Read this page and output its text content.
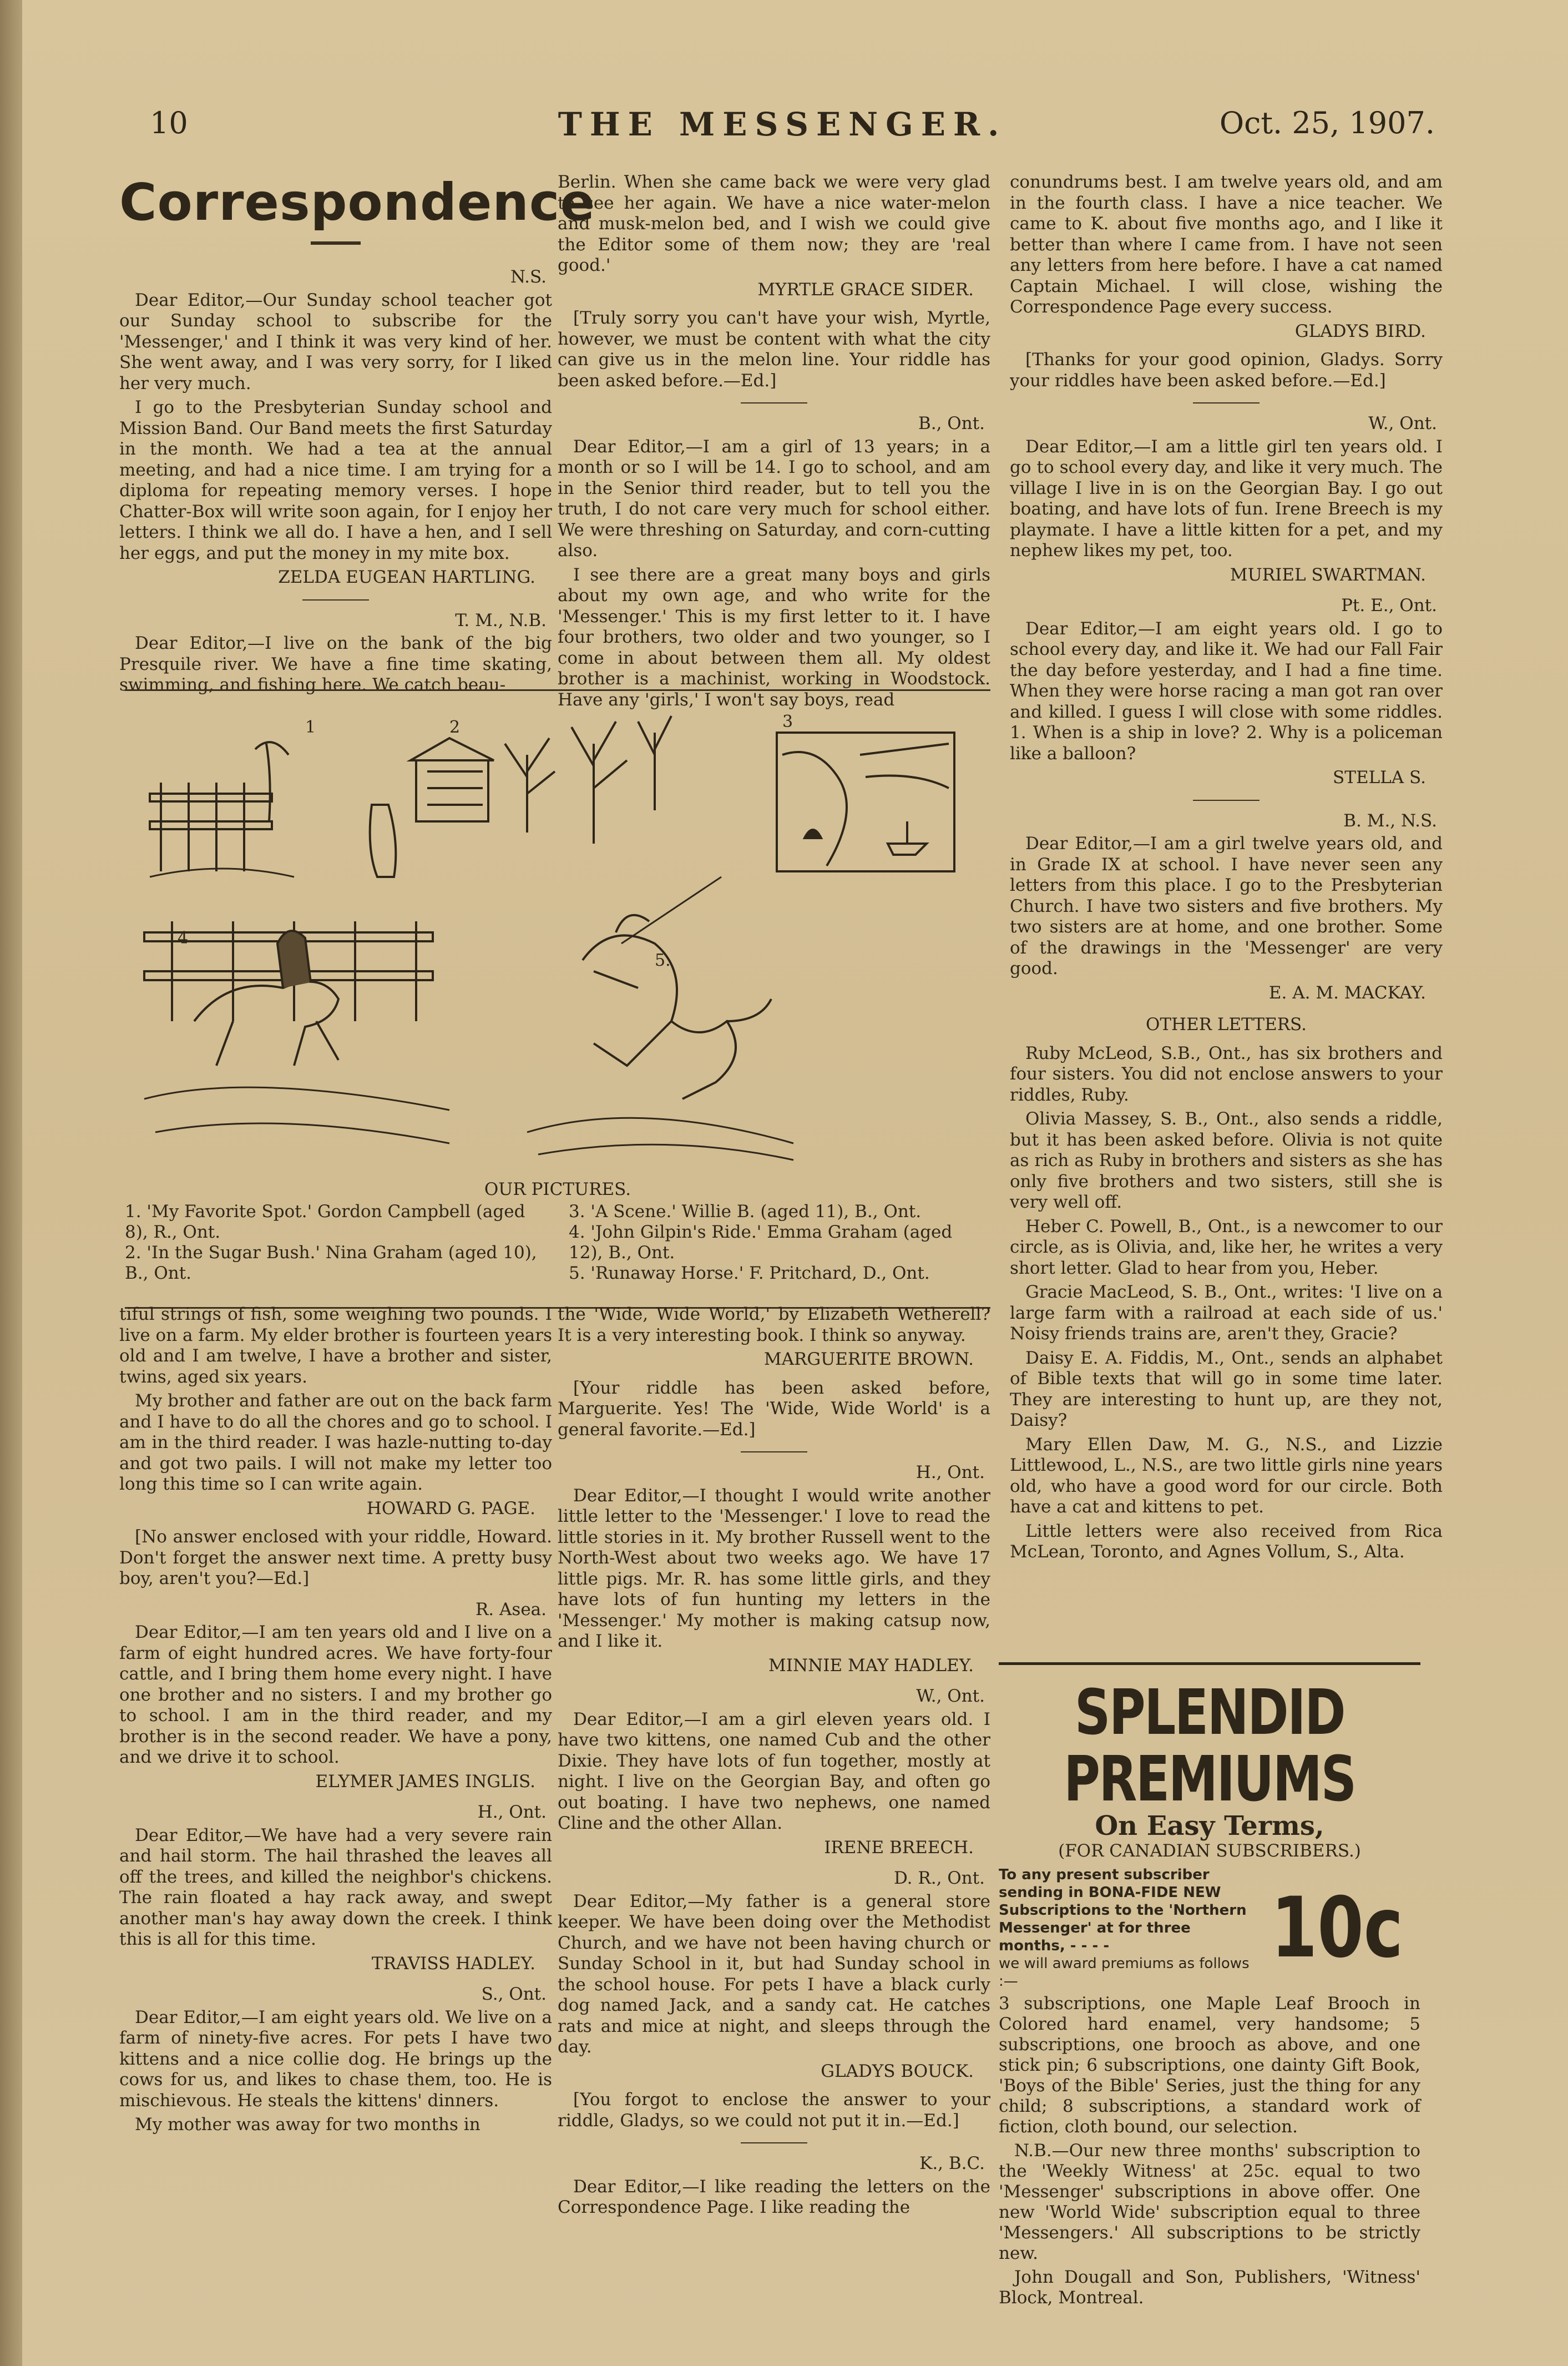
10	THE MESSENGER.	Oct. 25, 1907.
Correspondence
N.S.

Dear Editor,—Our Sunday school teacher got our Sunday school to subscribe for the 'Messenger,' and I think it was very kind of her. She went away, and I was very sorry, for I liked her very much.

I go to the Presbyterian Sunday school and Mission Band. Our Band meets the first Saturday in the month. We had a tea at the annual meeting, and had a nice time. I am trying for a diploma for repeating memory verses. I hope Chatter-Box will write soon again, for I enjoy her letters. I think we all do. I have a hen, and I sell her eggs, and put the money in my mite box.

ZELDA EUGEAN HARTLING.
T. M., N.B.

Dear Editor,—I live on the bank of the big Presquile river. We have a fine time skating, swimming, and fishing here. We catch beau-

Berlin. When she came back we were very glad to see her again. We have a nice water-melon and musk-melon bed, and I wish we could give the Editor some of them now; they are 'real good.'

MYRTLE GRACE SIDER.

[Truly sorry you can't have your wish, Myrtle, however, we must be content with what the city can give us in the melon line. Your riddle has been asked before.—Ed.]

B., Ont.

Dear Editor,—I am a girl of 13 years; in a month or so I will be 14. I go to school, and am in the Senior third reader, but to tell you the truth, I do not care very much for school either. We were threshing on Saturday, and corn-cutting also.

I see there are a great many boys and girls about my own age, and who write for the 'Messenger.' This is my first letter to it. I have four brothers, two older and two younger, so I come in about between them all. My oldest brother is a machinist, working in Woodstock. Have any 'girls,' I won't say boys, read

conundrums best. I am twelve years old, and am in the fourth class. I have a nice teacher. We came to K. about five months ago, and I like it better than where I came from. I have not seen any letters from here before. I have a cat named Captain Michael. I will close, wishing the Correspondence Page every success.

GLADYS BIRD.

[Thanks for your good opinion, Gladys. Sorry your riddles have been asked before.—Ed.]

W., Ont.

Dear Editor,—I am a little girl ten years old. I go to school every day, and like it very much. The village I live in is on the Georgian Bay. I go out boating, and have lots of fun. Irene Breech is my playmate. I have a little kitten for a pet, and my nephew likes my pet, too.

MURIEL SWARTMAN.
Pt. E., Ont.

Dear Editor,—I am eight years old. I go to school every day, and like it. We had our Fall Fair the day before yesterday, and I had a fine time. When they were horse racing a man got ran over and killed. I guess I will close with some riddles. 1. When is a ship in love? 2. Why is a policeman like a balloon?

STELLA S.
B. M., N.S.

Dear Editor,—I am a girl twelve years old, and in Grade IX at school. I have never seen any letters from this place. I go to the Presbyterian Church. I have two sisters and five brothers. My two sisters are at home, and one brother. Some of the drawings in the 'Messenger' are very good.

E. A. M. MACKAY.
OTHER LETTERS.

Ruby McLeod, S.B., Ont., has six brothers and four sisters. You did not enclose answers to your riddles, Ruby.

Olivia Massey, S. B., Ont., also sends a riddle, but it has been asked before. Olivia is not quite as rich as Ruby in brothers and sisters as she has only five brothers and two sisters, still she is very well off.

Heber C. Powell, B., Ont., is a newcomer to our circle, as is Olivia, and, like her, he writes a very short letter. Glad to hear from you, Heber.

Gracie MacLeod, S. B., Ont., writes: 'I live on a large farm with a railroad at each side of us.' Noisy friends trains are, aren't they, Gracie?

Daisy E. A. Fiddis, M., Ont., sends an alphabet of Bible texts that will go in some time later. They are interesting to hunt up, are they not, Daisy?

Mary Ellen Daw, M. G., N.S., and Lizzie Littlewood, L., N.S., are two little girls nine years old, who have a good word for our circle. Both have a cat and kittens to pet.

Little letters were also received from Rica McLean, Toronto, and Agnes Vollum, S., Alta.

1	2	3
4
5.
OUR PICTURES.
1. 'My Favorite Spot.' Gordon Campbell (aged 8), R., Ont.
2. 'In the Sugar Bush.' Nina Graham (aged 10), B., Ont.
3. 'A Scene.' Willie B. (aged 11), B., Ont.
4. 'John Gilpin's Ride.' Emma Graham (aged 12), B., Ont.
5. 'Runaway Horse.' F. Pritchard, D., Ont.

tiful strings of fish, some weighing two pounds. I live on a farm. My elder brother is fourteen years old and I am twelve, I have a brother and sister, twins, aged six years.

My brother and father are out on the back farm and I have to do all the chores and go to school. I am in the third reader. I was hazle-nutting to-day and got two pails. I will not make my letter too long this time so I can write again.

HOWARD G. PAGE.

[No answer enclosed with your riddle, Howard. Don't forget the answer next time. A pretty busy boy, aren't you?—Ed.]

R. Asea.

Dear Editor,—I am ten years old and I live on a farm of eight hundred acres. We have forty-four cattle, and I bring them home every night. I have one brother and no sisters. I and my brother go to school. I am in the third reader, and my brother is in the second reader. We have a pony, and we drive it to school.

ELYMER JAMES INGLIS.
H., Ont.

Dear Editor,—We have had a very severe rain and hail storm. The hail thrashed the leaves all off the trees, and killed the neighbor's chickens. The rain floated a hay rack away, and swept another man's hay away down the creek. I think this is all for this time.

TRAVISS HADLEY.
S., Ont.

Dear Editor,—I am eight years old. We live on a farm of ninety-five acres. For pets I have two kittens and a nice collie dog. He brings up the cows for us, and likes to chase them, too. He is mischievous. He steals the kittens' dinners.

My mother was away for two months in

the 'Wide, Wide World,' by Elizabeth Wetherell? It is a very interesting book. I think so anyway.

MARGUERITE BROWN.

[Your riddle has been asked before, Marguerite. Yes! The 'Wide, Wide World' is a general favorite.—Ed.]

H., Ont.

Dear Editor,—I thought I would write another little letter to the 'Messenger.' I love to read the little stories in it. My brother Russell went to the North-West about two weeks ago. We have 17 little pigs. Mr. R. has some little girls, and they have lots of fun hunting my letters in the 'Messenger.' My mother is making catsup now, and I like it.

MINNIE MAY HADLEY.
W., Ont.

Dear Editor,—I am a girl eleven years old. I have two kittens, one named Cub and the other Dixie. They have lots of fun together, mostly at night. I live on the Georgian Bay, and often go out boating. I have two nephews, one named Cline and the other Allan.

IRENE BREECH.
D. R., Ont.

Dear Editor,—My father is a general store keeper. We have been doing over the Methodist Church, and we have not been having church or Sunday School in it, but had Sunday school in the school house. For pets I have a black curly dog named Jack, and a sandy cat. He catches rats and mice at night, and sleeps through the day.

GLADYS BOUCK.

[You forgot to enclose the answer to your riddle, Gladys, so we could not put it in.—Ed.]

K., B.C.

Dear Editor,—I like reading the letters on the Correspondence Page. I like reading the

SPLENDID PREMIUMS
On Easy Terms,
(FOR CANADIAN SUBSCRIBERS.)
To any present subscriber sending in BONA-FIDE NEW Subscriptions to the 'Northern Messenger' at for three months, - - - -
we will award premiums as follows :—
10c

3 subscriptions, one Maple Leaf Brooch in Colored hard enamel, very handsome; 5 subscriptions, one brooch as above, and one stick pin; 6 subscriptions, one dainty Gift Book, 'Boys of the Bible' Series, just the thing for any child; 8 subscriptions, a standard work of fiction, cloth bound, our selection.

N.B.—Our new three months' subscription to the 'Weekly Witness' at 25c. equal to two 'Messenger' subscriptions in above offer. One new 'World Wide' subscription equal to three 'Messengers.' All subscriptions to be strictly new.

John Dougall and Son, Publishers, 'Witness' Block, Montreal.
